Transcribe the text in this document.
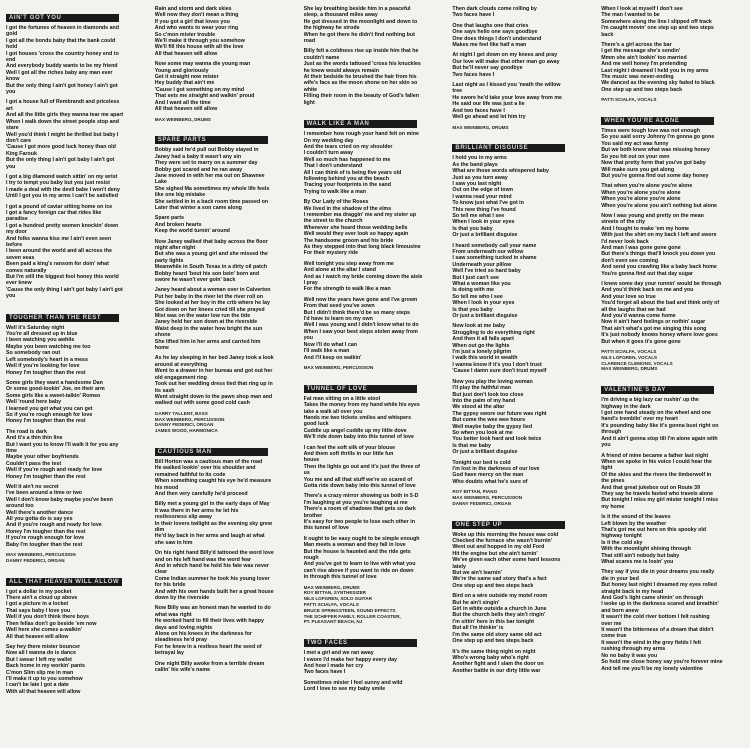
AIN'T GOT YOU
I got the fortunes of heaven in diamonds and
gold
I got all the bonds baby that the bank could
hold
I got houses 'cross the country honey end to
end
And everybody buddy wants to be my friend
Well I got all the riches baby any man ever
know
But the only thing I ain't got honey I ain't got
you
I got a house full of Rembrandt and priceless
art
And all the little girls they wanna tear me apart
When I walk down the street people stop and
stare
Well you'd think I might be thrilled but baby I
don't care
'Cause I got more good luck honey than old
King Farouk
But the only thing I ain't got baby I ain't got
you
I got a big diamond watch sittin' on my wrist
I try to tempt you baby but you just resist
I made a deal with the devil babe I won't deny
Until I got you in my arms I can't be satisfied
I got a pound of caviar sitting home on ice
I got a fancy foreign car that rides like
paradise
I got a hundred pretty women knockin' down
my door
And folks wanna kiss me I ain't even seen
before
I been around the world and all across the
seven seas
Been paid a king's ransom for doin' what
comes naturally
But I'm still the biggest fool honey this world
ever knew
'Cause the only thing I ain't got baby I ain't got
you
TOUGHER THAN THE REST
Well it's Saturday night
You're all dressed up in blue
I been watching you awhile
Maybe you been watching me too
So somebody ran out
Left somebody's heart in a mess
Well if you're looking for love
Honey I'm tougher than the rest
Some girls they want a handsome Dan
Or some good-lookin' Joe, on their arm
Some girls like a sweet-talkin' Romeo
Well 'round here baby
I learned you get what you can get
So if you're rough enough for love
Honey I'm tougher than the rest
The road is dark
And it's a thin thin line
But I want you to know I'll walk it for you any
time
Maybe your other boyfriends
Couldn't pass the test
Well if you're rough and ready for love
Honey I'm tougher than the rest
Well it ain't no secret
I've been around a time or two
Well I don't know baby maybe you've been
around too
Well there's another dance
All you gotta do is say yes
And if you're rough and ready for love
Honey I'm tougher than the rest
If you're rough enough for love
Baby I'm tougher than the rest
MAX WEINBERG, PERCUSSION
DANNY FEDERICI, ORGAN
ALL THAT HEAVEN WILL ALLOW
I got a dollar in my pocket
There ain't a cloud up above
I got a picture in a locket
That says baby I love you
Well if you don't think there boys
Then fellas don't go beside 'em now
Well here she comes a-walkin'
All that heaven will allow
Say hey there mister bouncer
Now all I wanna do is dance
But I swear I left my wallet
Back home in my workin' pants
C'mon Slim slip me in man
I'll make it up to you somehow
I can't be late I got a date
With all that heaven will allow
Rain and storm and dark skies
Well now they don't mean a thing
If you got a girl that loves you
And who wants to wear your ring
So c'mon mister trouble
We'll make it through you somehow
We'll fill this house with all the love
All that heaven will allow
Now some may wanna die young man
Young and gloriously
Get it straight now mister
Hey buddy that ain't me
'Cause I got something on my mind
That sets me straight and walkin' proud
And I want all the time
All that heaven will allow
MAX WEINBERG, DRUMS
SPARE PARTS
Bobby said he'd pull out Bobby stayed in
Janey had a baby it wasn't any sin
They were set to marry on a summer day
Bobby got scared and he ran away
Jane moved in with her ma out on Shawnee
Lake
She sighed Ma sometimes my whole life feels
like one big mistake
She settled in in a back room time passed on
Later that winter a son came along
Spare parts
And broken hearts
Keep the world turnin' around
Now Janey walked that baby across the floor
night after night
But she was a young girl and she missed the
party lights
Meanwhile in South Texas in a dirty oil patch
Bobby heard 'bout his son bein' born and
swore he wasn't ever goin' back
Janey heard about a woman over in Calverton
Put her baby in the river let the river roll on
She looked at her boy in the crib where he lay
Got down on her knees cried till she prayed
Mist was on the water low run the tide
Janey held her son down at the riverside
Waist deep in the water how bright the sun
shone
She lifted him in her arms and carried him
home
As he lay sleeping in her bed Janey took a look
around at everything
Went to a drawer in her bureau and got out her
old engagement ring
Took out her wedding dress tied that ring up in
its sash
Went straight down to the pawn shop man and
walked out with some good cold cash
GARRY TALLENT, BASS
MAX WEINBERG, PERCUSSION
DANNY FEDERICI, ORGAN
JAMES WOOD, HARMONICA
CAUTIOUS MAN
Bill Horton was a cautious man of the road
He walked lookin' over his shoulder and
remained faithful to its code
When something caught his eye he'd measure
his mood
And then very carefully he'd proceed
Billy met a young girl in the early days of May
It was there in her arms he let his
restlessness slip away
In their lovers twilight as the evening sky grew
dim
He'd lay back in her arms and laugh at what
she saw in him
On his right hand Billy'd tattooed the word love
and on his left hand was the word fear
And in which hand he held his fate was never
clear
Come Indian summer he took his young lover
for his bride
And with his own hands built her a great house
down by the riverside
Now Billy was an honest man he wanted to do
what was right
He worked hard to fill their lives with happy
days and loving nights
Alone on his knees in the darkness for
steadiness he'd pray
For he knew in a restless heart the seed of
betrayal lay
One night Billy awoke from a terrible dream
callin' his wife's name
She lay breathing beside him in a peaceful
sleep, a thousand miles away
He got dressed in the moonlight and down to
the highway he strode
When he got there he didn't find nothing but
road
Billy felt a coldness rise up inside him that he
couldn't name
Just as the words tattooed 'cross his knuckles
he knew would always remain
At their bedside he brushed the hair from his
wife's face as the moon shone on her skin so
white
Filling their room in the beauty of God's fallen
light
WALK LIKE A MAN
I remember how rough your hand felt on mine
On my wedding day
And the tears cried on my shoulder
I couldn't turn away
Well so much has happened to me
That I don't understand
All I can think of is being five years old
following behind you at the beach
Tracing your footprints in the sand
Trying to walk like a man
By Our Lady of the Roses
We lived in the shadow of the elms
I remember ma draggin' me and my sister up
the street to the church
Whenever she heard those wedding bells
Well would they ever look so happy again
The handsome groom and his bride
As they stepped into that long black limousine
For their mystery ride
Well tonight you step away from me
And alone at the altar I stand
And as I watch my bride coming down the aisle
I pray
For the strength to walk like a man
Well now the years have gone and I've grown
From that seed you've sown
But I didn't think there'd be so many steps
I'd have to learn on my own
Well I was young and I didn't know what to do
When I saw your best steps stolen away from
you
Now I'll do what I can
I'll walk like a man
And I'll keep on walkin'
MAX WEINBERG, PERCUSSION
TUNNEL OF LOVE
Fat man sitting on a little stool
Takes the money from my hand while his eyes
take a walk all over you
Hands me two tickets smiles and whispers
good luck
Cuddle up angel cuddle up my little dove
We'll ride down baby into this tunnel of love
I can feel the soft silk of your blouse
And them soft thrills in our little fun
house
Then the lights go out and it's just the three of
us
You me and all that stuff we're so scared of
Gotta ride down baby into this tunnel of love
There's a crazy mirror showing us both in 5-D
I'm laughing at you you're laughing at me
There's a room of shadows that gets so dark
brother
It's easy for two people to lose each other in
this tunnel of love
It ought to be easy ought to be simple enough
Man meets a woman and they fall in love
But the house is haunted and the ride gets
rough
And you've got to learn to live with what you
can't rise above if you want to ride on down
in through this tunnel of love
MAX WEINBERG, DRUMS
ROY BITTAN, SYNTHESIZER
NILS LOFGREN, SOLO GUITAR
PATTI SCIALFA, VOCALS
BRUCE SPRINGSTEEN, SOUND EFFECTS
THE SCHIFFER FAMILY, ROLLER COASTER,
PT. PLEASANT BEACH, NJ
TWO FACES
I met a girl and we ran away
I swore I'd make her happy every day
And how I made her cry
Two faces have I
Sometimes mister I feel sunny and wild
Lord I love to see my baby smile
Then dark clouds come rolling by
Two faces have I
One that laughs one that cries
One says hello one says goodbye
One does things I don't understand
Makes me feel like half a man
At night I get down on my knees and pray
Our love will make that other man go away
But he'll never say goodbye
Two faces have I
Last night as I kissed you 'neath the willow
tree
He swore he'd take your love away from me
He said our life was just a lie
And two faces have I
Well go ahead and let him try
MAX WEINBERG, DRUMS
BRILLIANT DISGUISE
I hold you in my arms
As the band plays
What are those words whispered baby
Just as you turn away
I saw you last night
Out on the edge of town
I wanna read your mind
To know just what I've got in
This new thing I've found
So tell me what I see
When I look in your eyes
Is that you baby
Or just a brilliant disguise
I heard somebody call your name
From underneath our willow
I saw something tucked in shame
Underneath your pillow
Well I've tried so hard baby
But I just can't see
What a woman like you
Is doing with me
So tell me who I see
When I look in your eyes
Is that you baby
Or just a brilliant disguise
Now look at me baby
Struggling to do everything right
And then it all falls apart
When out go the lights
I'm just a lonely pilgrim
I walk this world in wealth
I wanna know if it's you I don't trust
'Cause I damn sure don't trust myself
Now you play the loving woman
I'll play the faithful man
But just don't look too close
Into the palm of my hand
We stood at the altar
The gypsy swore our future was right
But come the wee wee hours
Well maybe baby the gypsy lied
So when you look at me
You better look hard and look twice
Is that me baby
Or just a brilliant disguise
Tonight our bed is cold
I'm lost in the darkness of our love
God have mercy on the man
Who doubts what he's sure of
ROY BITTAN, PIANO
MAX WEINBERG, PERCUSSION
DANNY FEDERICI, ORGAN
ONE STEP UP
Woke up this morning the house was cold
Checked the furnace she wasn't burnin'
Went out and hopped in my old Ford
Hit the engine but she ain't turnin'
We've given each other some hard lessons
lately
But we ain't learnin'
We're the same sad story that's a fact
One step up and two steps back
Bird on a wire outside my motel room
But he ain't singin'
Girl in white outside a church in June
But the church bells they ain't ringin'
I'm sittin' here in this bar tonight
But all I'm thinkin' is
I'm the same old story same old act
One step up and two steps back
It's the same thing night on night
Who's wrong baby who's right
Another fight and I slam the door on
Another battle in our dirty little war
When I look at myself I don't see
The man I wanted to be
Somewhere along the line I slipped off track
I'm caught movin' one step up and two steps
back
There's a girl across the bar
I get the message she's sendin'
Mmm she ain't lookin' too married
And me well honey I'm pretending
Last night I dreamed I held you in my arms
The music was never-ending
We danced as the evening sky faded to black
One step up and two steps back
PATTI SCIALFA, VOCALS
WHEN YOU'RE ALONE
Times were tough love was not enough
So you said sorry Johnny I'm gonna go gone
You said my act was funny
But we both knew what was missing honey
So you hit out on your own
Now that pretty form that you've got baby
Will make sure you get along
But you're gonna find out some day honey
That when you're alone you're alone
When you're alone you're alone
When you're alone you're alone
When you're alone you ain't nothing but alone
Now I was young and pretty on the mean
streets of the city
And I fought to make 'em my home
With just the shirt on my back I left and swore
I'd never look back
And man I was gone gone gone
But there's things that'll knock you down you
don't even see coming
And send you crawling like a baby back home
You're gonna find out that day sugar
I knew some day your runnin' would be through
And you'd think back on me and you
And your love so true
You'd forget all about the bad and think only of
all the laughs that we had
And you'd wanna come home
Now it ain't hard feelings or nothin' sugar
That ain't what's got me singing this song
It's just nobody knows honey where love goes
But when it goes it's gone gone
PATTI SCIALFA, VOCALS
NILS LOFGREN, VOCALS
CLARENCE CLEMONS, VOCALS
MAX WEINBERG, DRUMS
VALENTINE'S DAY
I'm driving a big lazy car rushin' up the
highway in the dark
I got one hand steady on the wheel and one
hand's tremblin' over my heart
It's pounding baby like it's gonna bust right on
through
And it ain't gonna stop till I'm alone again with
you
A friend of mine became a father last night
When we spoke in his voice I could hear the
light
Of the skies and the rivers the timberwolf in
the pines
And that great jukebox out on Route 39
They say he travels fasted who travels alone
But tonight I miss my girl mister tonight I miss
my home
Is it the sound of the leaves
Left blown by the weather
That's got me out here on this spooky old
highway tonight
Is it the cold sky
With the moonlight shining through
That still ain't nobody but baby
What scares me is losin' you
They say if you die in your dreams you really
die in your bed
But honey last night I dreamed my eyes rolled
straight back in my head
And God's light came shinin' on through
I woke up in the darkness scared and breathin'
and born anew
It wasn't the cold river bottom I felt rushing
over me
It wasn't the bitterness of a dream that didn't
come true
It wasn't the wind in the grey fields I felt
rushing through my arms
No no baby it was you
So hold me close honey say you're forever mine
And tell me you'll be my lonely valentine
